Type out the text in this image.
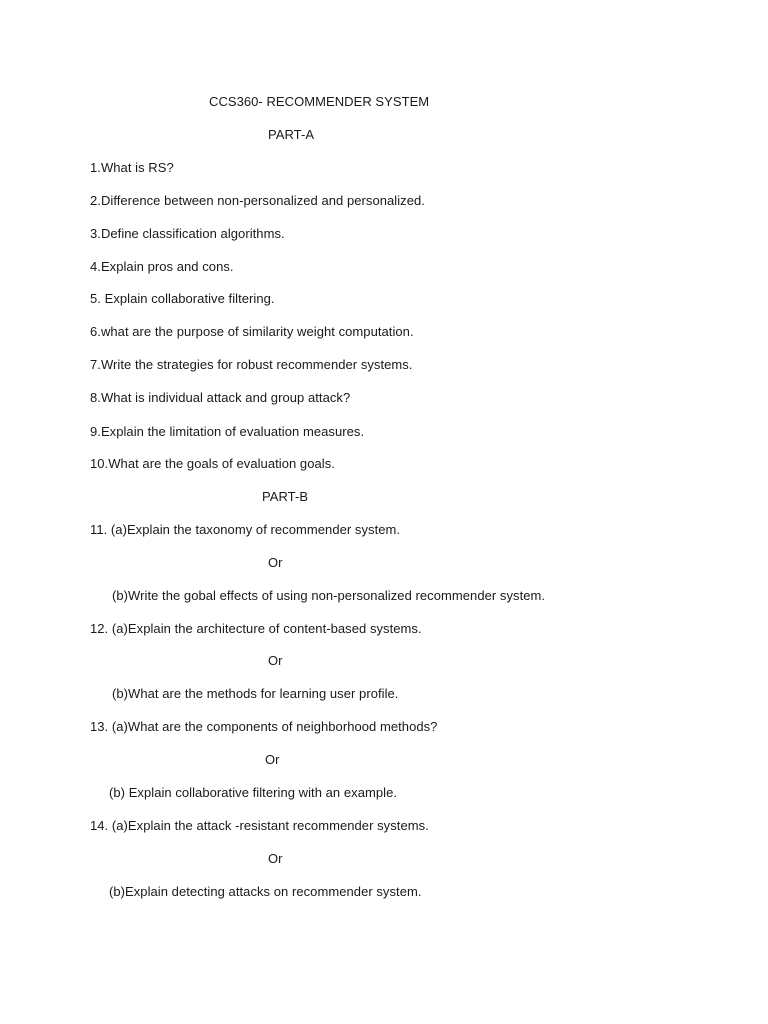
CCS360- RECOMMENDER SYSTEM
PART-A
1.What is RS?
2.Difference between non-personalized and personalized.
3.Define classification algorithms.
4.Explain pros and cons.
5. Explain collaborative filtering.
6.what are the purpose of similarity weight computation.
7.Write the strategies for robust recommender systems.
8.What is individual attack and group attack?
9.Explain the limitation of evaluation measures.
10.What are the goals of evaluation goals.
PART-B
11. (a)Explain the taxonomy of recommender system.
Or
(b)Write the gobal effects of using non-personalized recommender system.
12. (a)Explain the architecture of content-based systems.
Or
(b)What are the methods for learning user profile.
13. (a)What are the components of neighborhood methods?
Or
(b) Explain collaborative filtering with an example.
14. (a)Explain the attack -resistant recommender systems.
Or
(b)Explain detecting attacks on recommender system.
